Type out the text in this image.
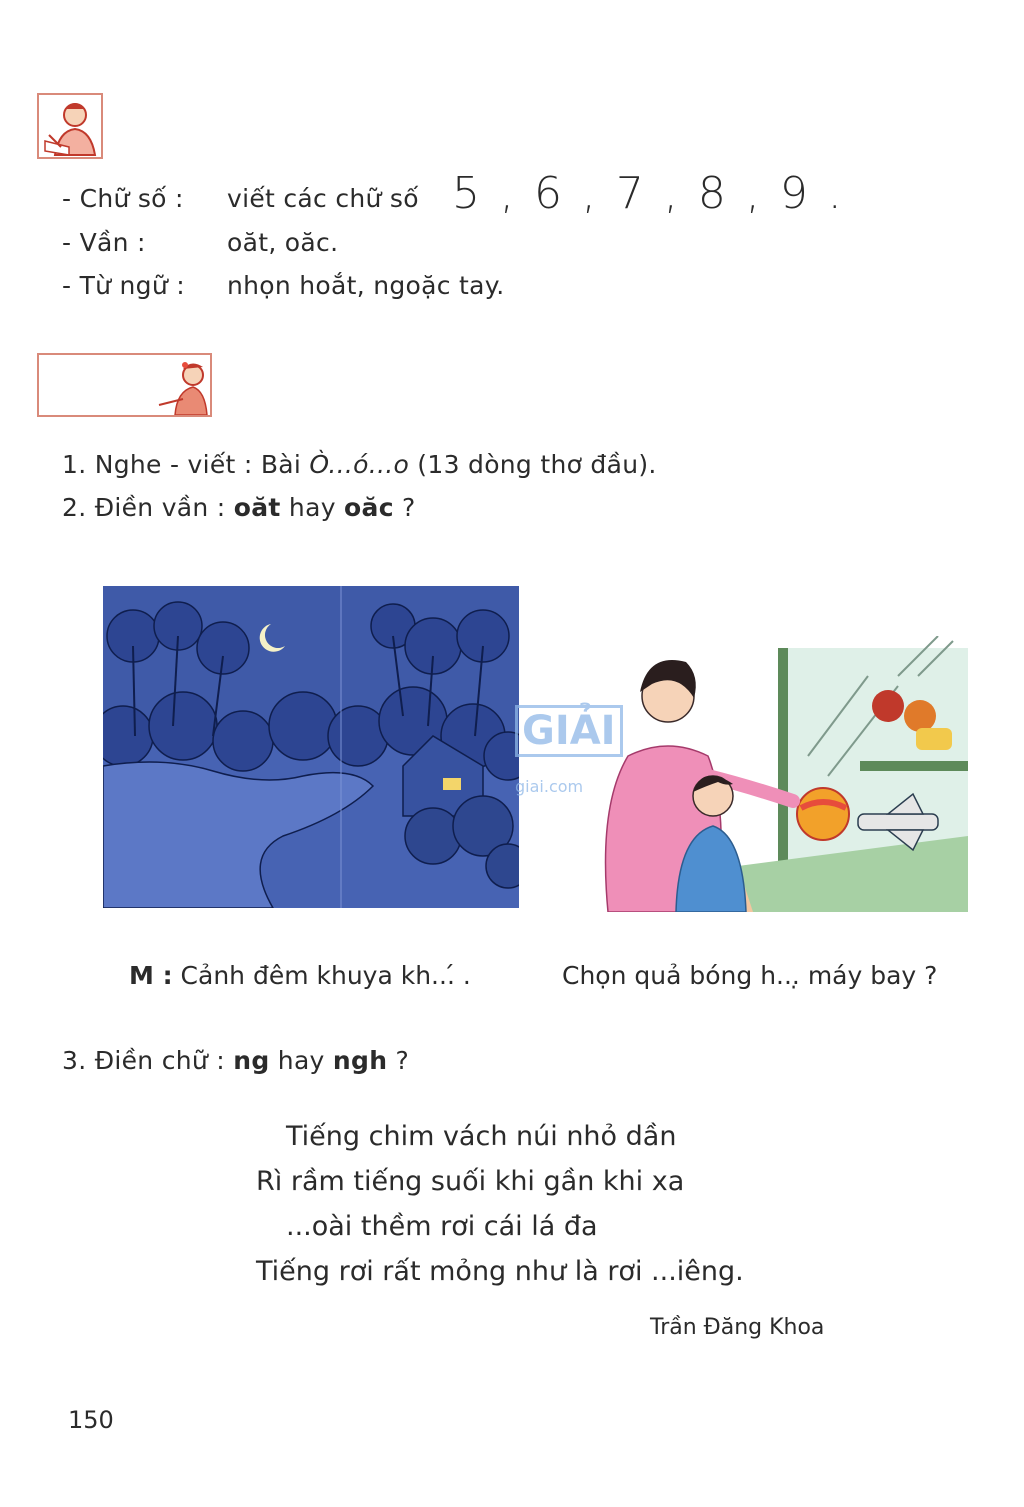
- Chữ số : viết các chữ số 5 , 6 , 7 , 8 , 9 .
- Vần :	oăt, oăc.
- Từ ngữ : nhọn hoắt, ngoặc tay.
1. Nghe - viết : Bài Ò...ó...o (13 dòng thơ đầu).
2. Điền vần : oăt hay oăc ?
GIẢI
giai.com
M : Cảnh đêm khuya kh...́ .	Chọn quả bóng h...̣ máy bay ?
3. Điền chữ : ng hay ngh ?
Tiếng chim vách núi nhỏ dần
Rì rầm tiếng suối khi gần khi xa
...oài thềm rơi cái lá đa
Tiếng rơi rất mỏng như là rơi ...iêng.
Trần Đăng Khoa
150
